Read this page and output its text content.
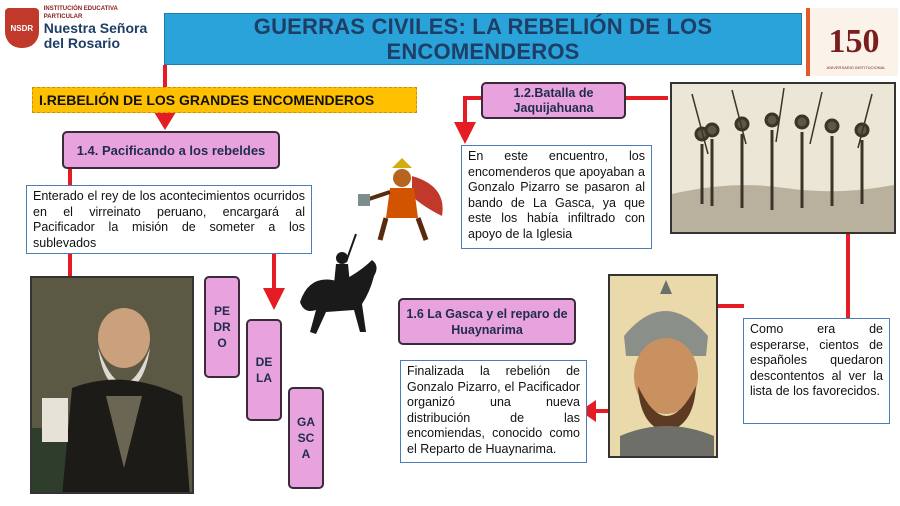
NSDR
INSTITUCIÓN EDUCATIVA PARTICULAR
Nuestra Señora
del Rosario
GUERRAS CIVILES: LA REBELIÓN DE LOS ENCOMENDEROS	150
ANIVERSARIO INSTITUCIONAL
I.REBELIÓN DE LOS GRANDES ENCOMENDEROS
1.4. Pacificando a los rebeldes
Enterado el rey de los acontecimientos ocurridos en el virreinato peruano, encargará al Pacificador la misión de someter a los sublevados
PE DR O
DE LA
GA SC A
1.2.Batalla de Jaquijahuana
En este encuentro, los encomenderos que apoyaban a Gonzalo Pizarro se pasaron al bando de La Gasca, ya que este los había infiltrado con apoyo de la Iglesia
Como era de esperarse, cientos de españoles quedaron descontentos al ver la lista de los favorecidos.
1.6 La Gasca y el reparo de Huaynarima
Finalizada la rebelión de Gonzalo Pizarro, el Pacificador organizó una nueva distribución de las encomiendas, conocido como el Reparto de Huaynarima.
